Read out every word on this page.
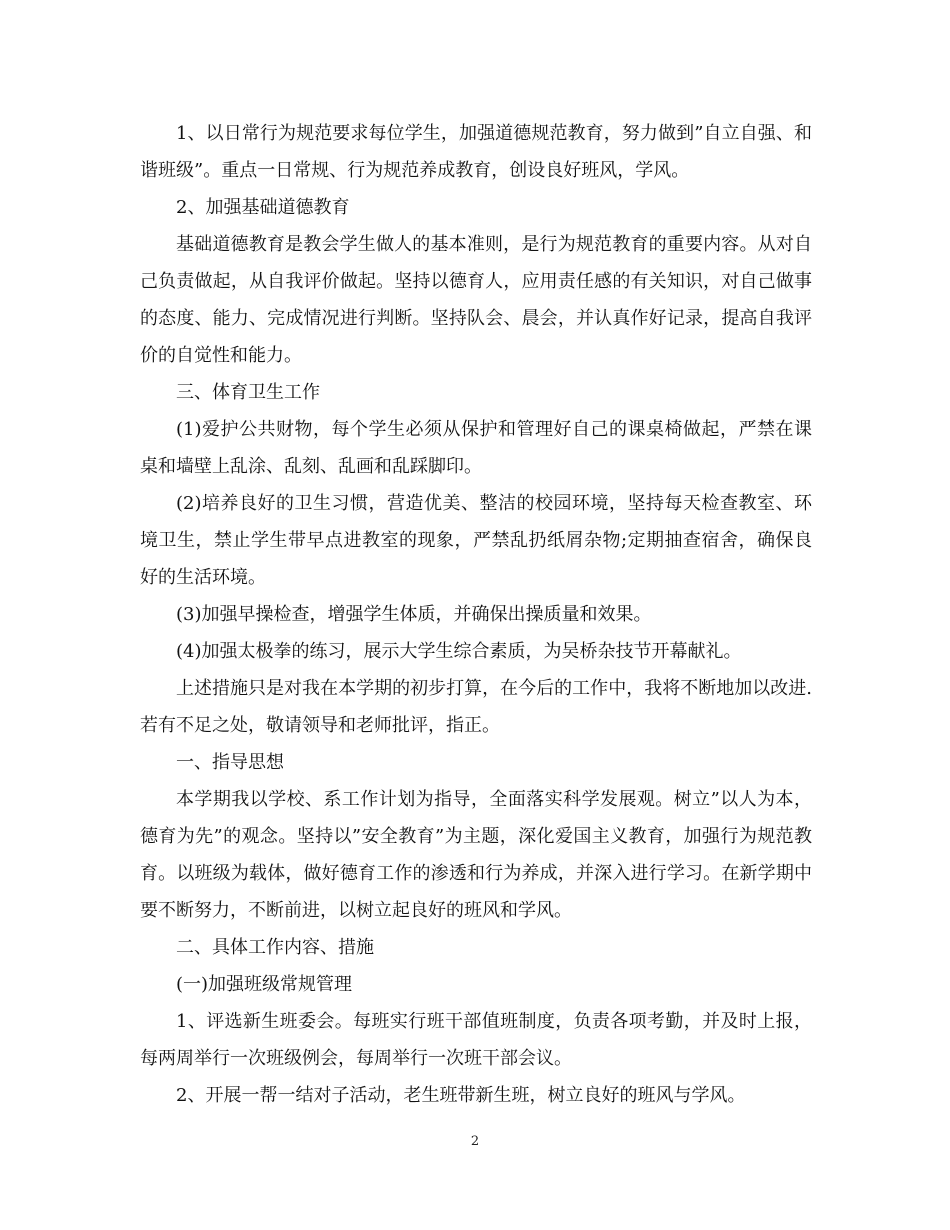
1、以日常行为规范要求每位学生，加强道德规范教育，努力做到”自立自强、和谐班级”。重点一日常规、行为规范养成教育，创设良好班风，学风。

2、加强基础道德教育

基础道德教育是教会学生做人的基本准则，是行为规范教育的重要内容。从对自己负责做起，从自我评价做起。坚持以德育人，应用责任感的有关知识，对自己做事的态度、能力、完成情况进行判断。坚持队会、晨会，并认真作好记录，提高自我评价的自觉性和能力。

三、体育卫生工作

(1)爱护公共财物，每个学生必须从保护和管理好自己的课桌椅做起，严禁在课桌和墙壁上乱涂、乱刻、乱画和乱踩脚印。

(2)培养良好的卫生习惯，营造优美、整洁的校园环境，坚持每天检查教室、环境卫生，禁止学生带早点进教室的现象，严禁乱扔纸屑杂物;定期抽查宿舍，确保良好的生活环境。

(3)加强早操检查，增强学生体质，并确保出操质量和效果。

(4)加强太极拳的练习，展示大学生综合素质，为吴桥杂技节开幕献礼。

上述措施只是对我在本学期的初步打算，在今后的工作中，我将不断地加以改进.若有不足之处，敬请领导和老师批评，指正。

一、指导思想

本学期我以学校、系工作计划为指导，全面落实科学发展观。树立”以人为本，德育为先”的观念。坚持以”安全教育”为主题，深化爱国主义教育，加强行为规范教育。以班级为载体，做好德育工作的渗透和行为养成，并深入进行学习。在新学期中要不断努力，不断前进，以树立起良好的班风和学风。

二、具体工作内容、措施

(一)加强班级常规管理

1、评选新生班委会。每班实行班干部值班制度，负责各项考勤，并及时上报，每两周举行一次班级例会，每周举行一次班干部会议。

2、开展一帮一结对子活动，老生班带新生班，树立良好的班风与学风。

2
